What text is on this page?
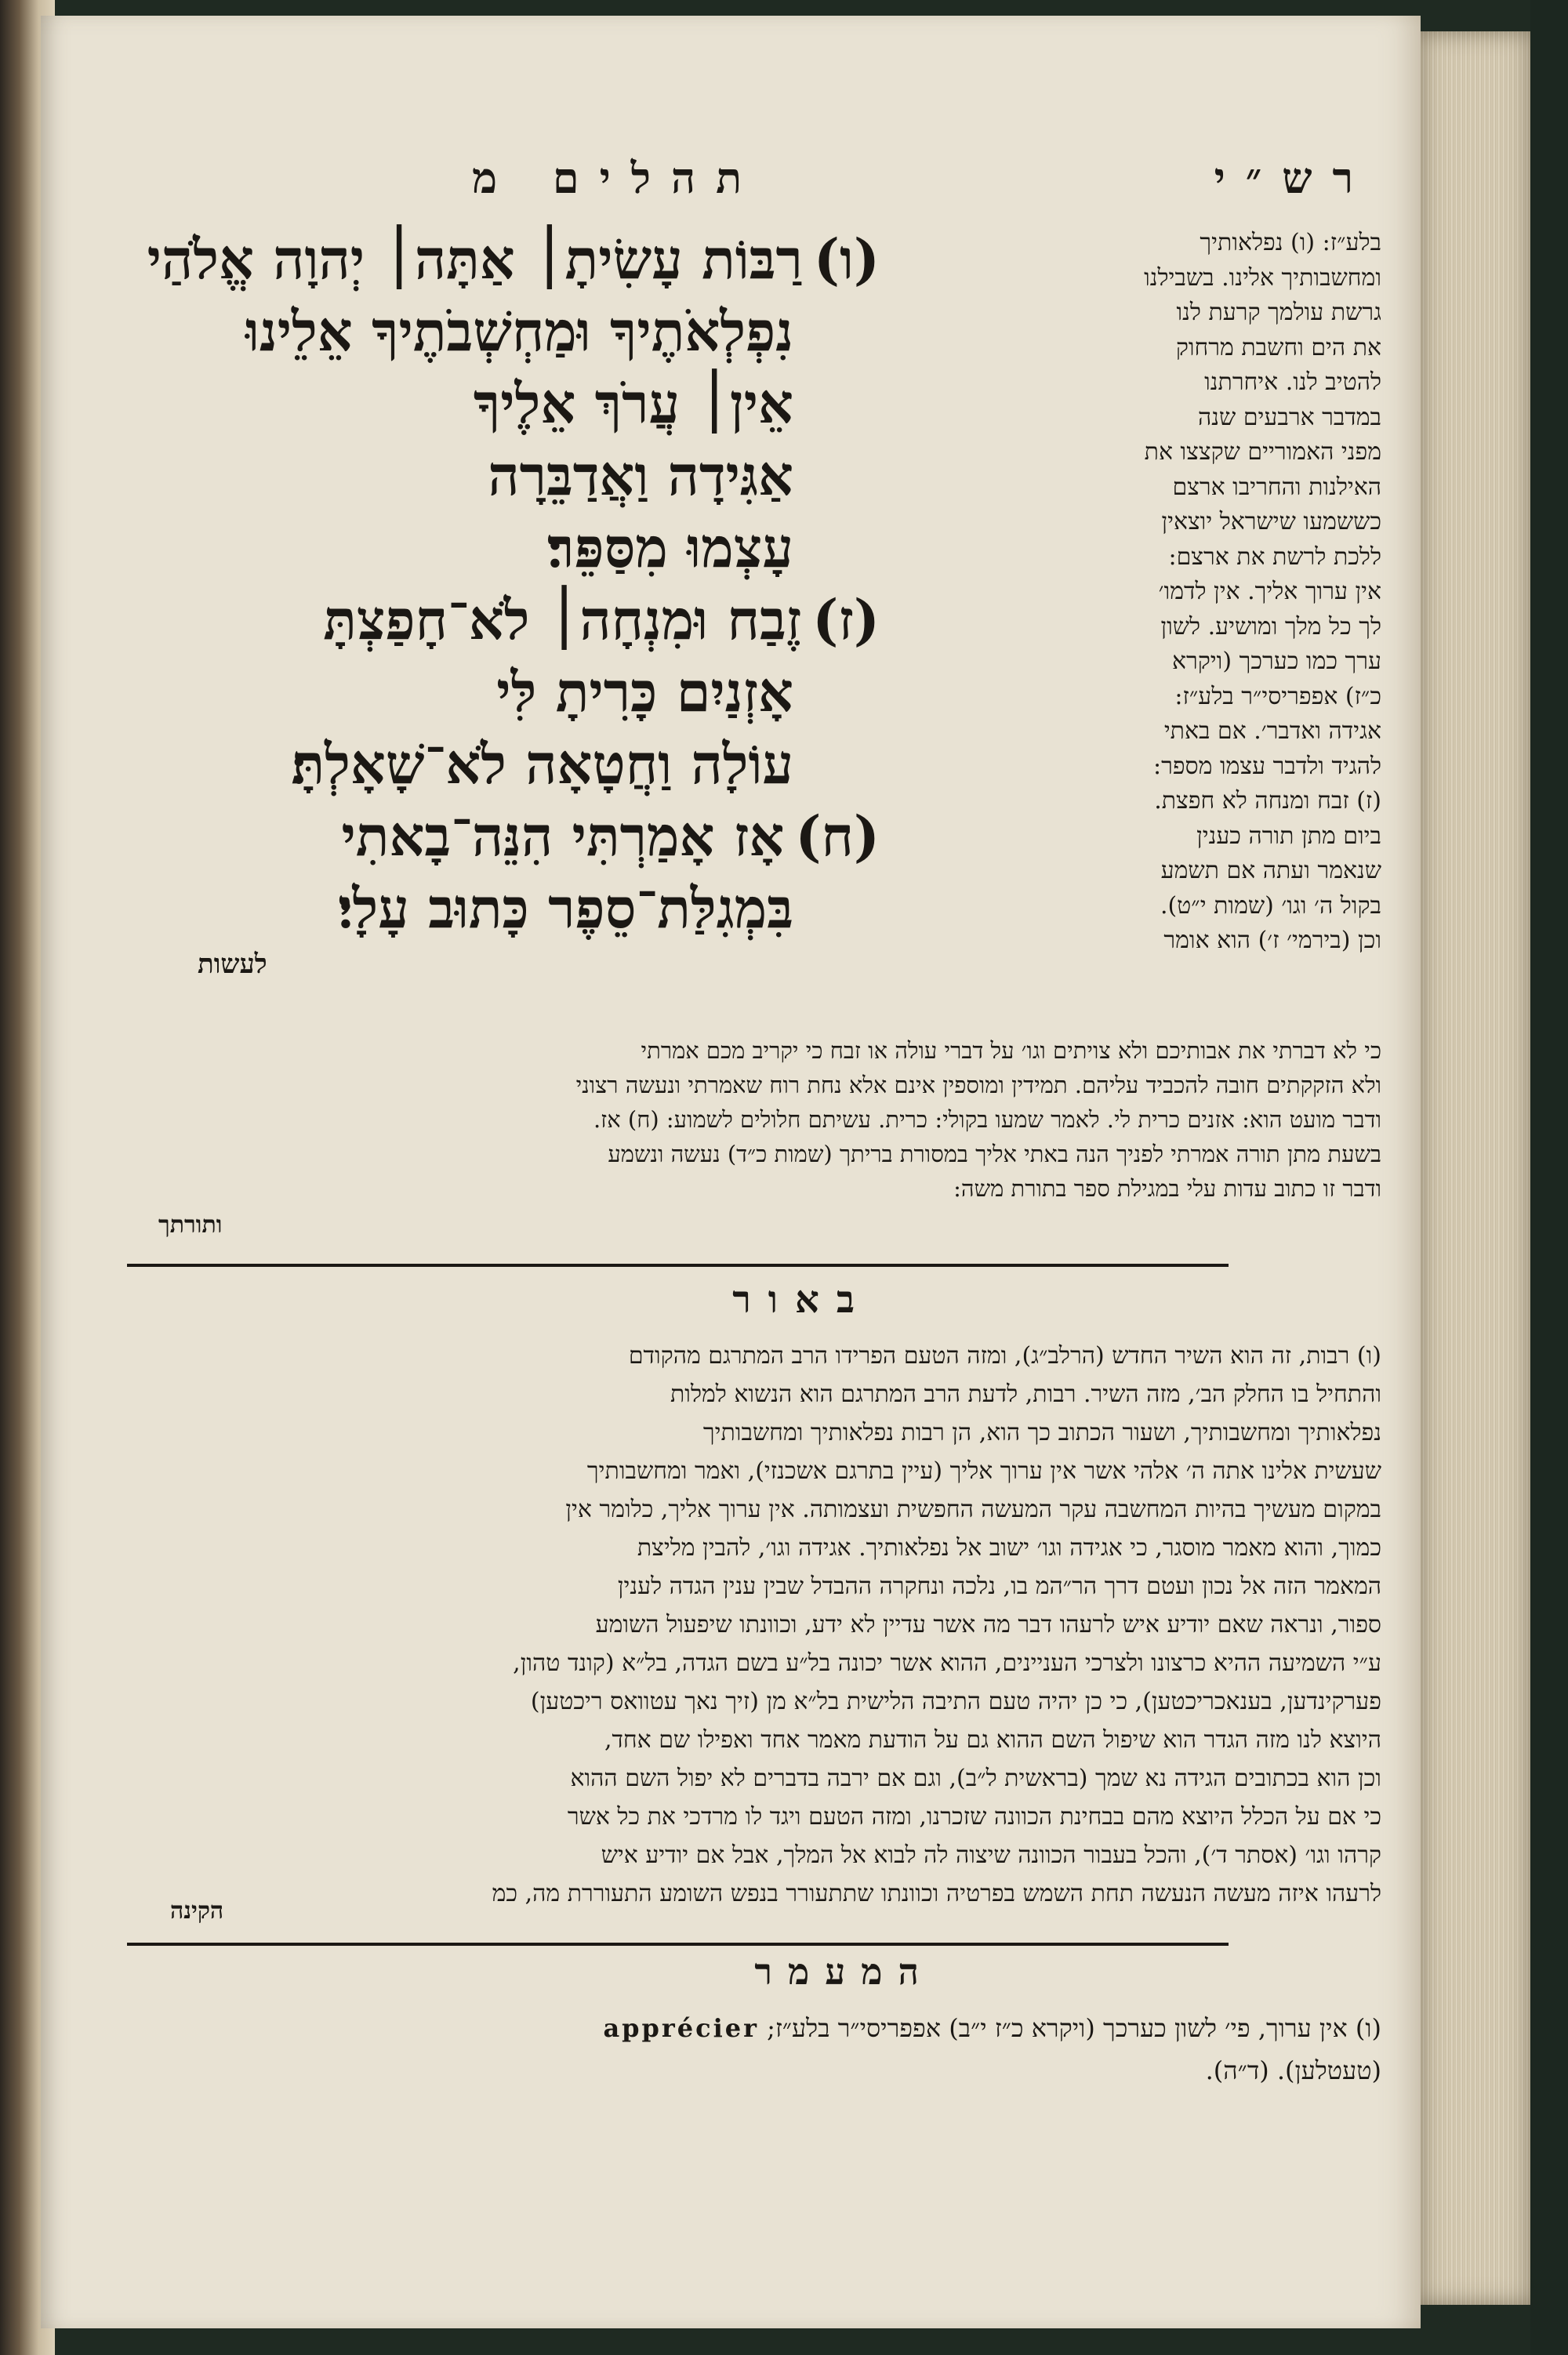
רש״י
תהלים מ
(ו)רַבּוֹת עָשִׂיתָ׀ אַתָּה׀ יְהוָה אֱלֹהַי
נִפְלְאֹתֶיךָ וּמַחְשְׁבֹתֶיךָ אֵלֵינוּ
אֵין׀ עֲרֹךְ אֵלֶיךָ
אַגִּידָה וַאֲדַבֵּרָה
עָצְמוּ מִסַּפֵּר׃
(ז)זֶבַח וּמִנְחָה׀ לֹא־חָפַצְתָּ
אָזְנַיִם כָּרִיתָ לִּי
עוֹלָה וַחֲטָאָה לֹא־שָׁאָלְתָּ׃
(ח)אָז אָמַרְתִּי הִנֵּה־בָאתִי
בִּמְגִלַּת־סֵפֶר כָּתוּב עָלָי׃
לעשות
בלע״ז: (ו) נפלאותיך
ומחשבותיך אלינו. בשבילנו
גרשת עולמך קרעת לנו
את הים וחשבת מרחוק
להטיב לנו. איחרתנו
במדבר ארבעים שנה
מפני האמוריים שקצצו את
האילנות והחריבו ארצם
כששמעו שישראל יוצאין
ללכת לרשת את ארצם:
אין ערוך אליך. אין לדמו׳
לך כל מלך ומושיע. לשון
ערך כמו כערכך (ויקרא
כ״ז) אפפריסי״ר בלע״ז:
אגידה ואדבר׳. אם באתי
להגיד ולדבר עצמו מספר:
(ז) זבח ומנחה לא חפצת.
ביום מתן תורה כענין
שנאמר ועתה אם תשמע
בקול ה׳ וגו׳ (שמות י״ט).
וכן (בירמי׳ ז׳) הוא אומר
כי לא דברתי את אבותיכם ולא צויתים וגו׳ על דברי עולה או זבח כי יקריב מכם אמרתי
ולא הזקקתים חובה להכביד עליהם. תמידין ומוספין אינם אלא נחת רוח שאמרתי ונעשה רצוני
ודבר מועט הוא: אזנים כרית לי. לאמר שמעו בקולי: כרית. עשיתם חלולים לשמוע: (ח) אז.
בשעת מתן תורה אמרתי לפניך הנה באתי אליך במסורת בריתך (שמות כ״ד) נעשה ונשמע
ודבר זו כתוב עדות עלי במגילת ספר בתורת משה:
ותורתך
באור
(ו) רבות, זה הוא השיר החדש (הרלב״ג), ומזה הטעם הפרידו הרב המתרגם מהקודם
והתחיל בו החלק הב׳, מזה השיר. רבות, לדעת הרב המתרגם הוא הנשוא למלות
נפלאותיך ומחשבותיך, ושעור הכתוב כך הוא, הן רבות נפלאותיך ומחשבותיך
שעשית אלינו אתה ה׳ אלהי אשר אין ערוך אליך (עיין בתרגם אשכנזי), ואמר ומחשבותיך
במקום מעשיך בהיות המחשבה עקר המעשה החפשית ועצמותה. אין ערוך אליך, כלומר אין
כמוך, והוא מאמר מוסגר, כי אגידה וגו׳ ישוב אל נפלאותיך. אגידה וגו׳, להבין מליצת
המאמר הזה אל נכון ועטם דרך הר״המ בו, נלכה ונחקרה ההבדל שבין ענין הגדה לענין
ספור, ונראה שאם יודיע איש לרעהו דבר מה אשר עדיין לא ידע, וכוונתו שיפעול השומע
ע״י השמיעה ההיא כרצונו ולצרכי העניינים, ההוא אשר יכונה בל״ע בשם הגדה, בל״א (קונד טהון,
פערקינדען, בענאכריכטען), כי כן יהיה טעם התיבה הלישית בל״א מן (זיך נאך עטוואס ריכטען)
היוצא לנו מזה הגדר הוא שיפול השם ההוא גם על הודעת מאמר אחד ואפילו שם אחד,
וכן הוא בכתובים הגידה נא שמך (בראשית ל״ב), וגם אם ירבה בדברים לא יפול השם ההוא
כי אם על הכלל היוצא מהם בבחינת הכוונה שזכרנו, ומזה הטעם ויגד לו מרדכי את כל אשר
קרהו וגו׳ (אסתר ד׳), והכל בעבור הכוונה שיצוה לה לבוא אל המלך, אבל אם יודיע איש
לרעהו איזה מעשה הנעשה תחת השמש בפרטיה וכוונתו שתתעורר בנפש השומע התעוררת מה, כמ
הקינה
המעמר
(ו) אין ערוך, פי׳ לשון כערכך (ויקרא כ״ז י״ב) אפפריסי״ר בלע״ז; apprécier
(טעטלען). (ד״ה).
